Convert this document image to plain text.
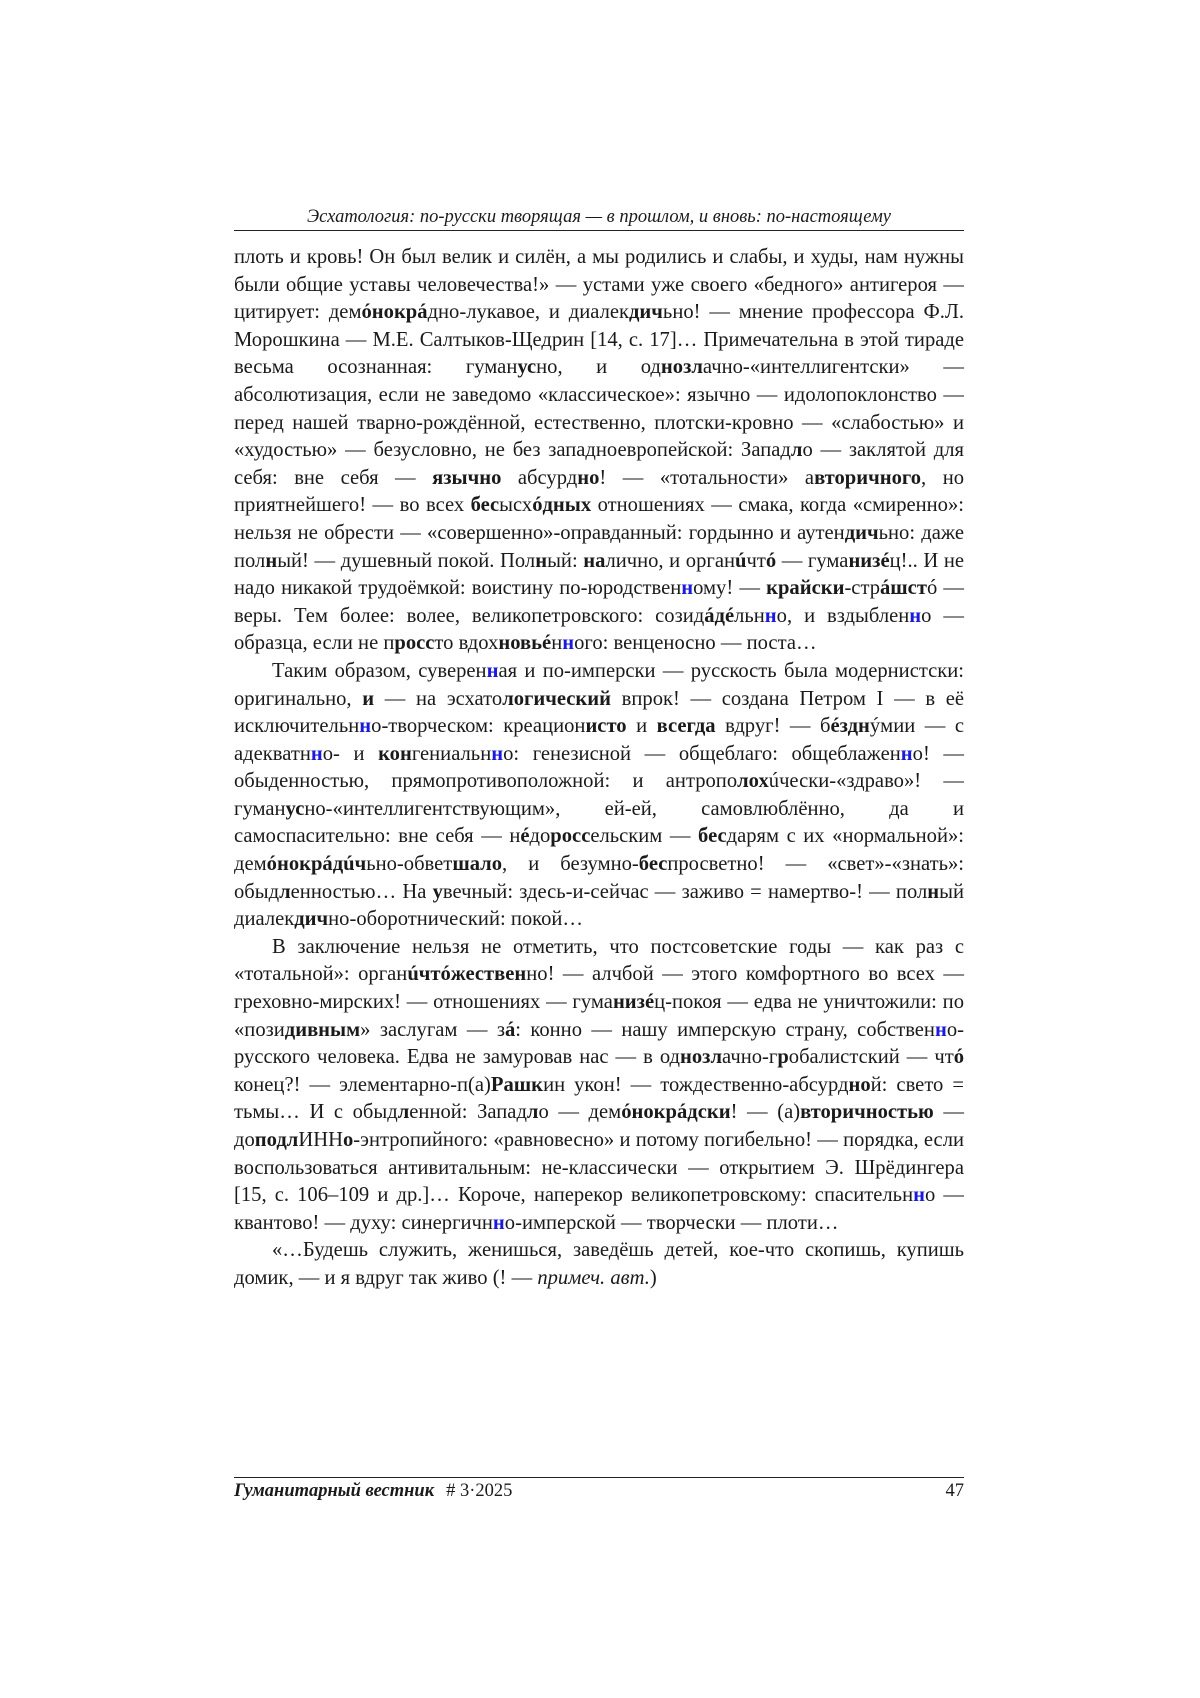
Эсхатология: по-русски творящая — в прошлом, и вновь: по-настоящему

плоть и кровь! Он был велик и силён, а мы родились и слабы, и худы, нам нужны были общие уставы человечества!» — устами уже своего «бедного» антигероя — цитирует: демóнокрáдно-лукавое, и диалекдичьно! — мнение профессора Ф.Л. Морошкина — М.Е. Салтыков-Щедрин [14, с. 17]… Примечательна в этой тираде весьма осознанная: гуманусно, и однозлачно-«интеллигентски» — абсолютизация, если не заведомо «классическое»: язычно — идолопоклонство — перед нашей тварно-рождённой, естественно, плотски-кровно — «слабостью» и «худостью» — безусловно, не без западноевропейской: Западло — заклятой для себя: вне себя — язычно абсурдно! — «тотальности» авторичного, но приятнейшего! — во всех бесысхóдных отношениях — смака, когда «смиренно»: нельзя не обрести — «совершенно»-оправданный: гордынно и аутендичьно: даже полный! — душевный покой. Полный: налично, и органúчтó — гуманизéц!.. И не надо никакой трудоёмкой: воистину по-юродственному! — крайски-стрáшстó — веры. Тем более: волее, великопетровского: созидáдéльнно, и вздыбленно — образца, если не проссто вдохновьéнного: венценосно — поста…

Таким образом, суверенная и по-имперски — русскость была модернистски: оригинально, и — на эсхатологический впрок! — создана Петром I — в её исключительнно-творческом: креационисто и всегда вдруг! — бéзднýмии — с адекватнно- и конгениальнно: генезисной — общеблаго: общеблаженно! — обыденностью, прямопротивоположной: и антрополохúчески-«здраво»! — гуманусно-«интеллигентствующим», ей-ей, самовлюблённо, да и самоспасительно: вне себя — нéдороссельским — бесдарям с их «нормальной»: демóнокрáдúчьно-обветшало, и безумно-беспросветно! — «свет»-«знать»: обыдленностью… На увечный: здесь-и-сейчас — заживо = намертво-! — полный диалекдично-оборотнический: покой…

В заключение нельзя не отметить, что постсоветские годы — как раз с «тотальной»: органúчтóжественно! — алчбой — этого комфортного во всех — греховно-мирских! — отношениях — гуманизéц-покоя — едва не уничтожили: по «позидивным» заслугам — зá: конно — нашу имперскую страну, собственно-русского человека. Едва не замуровав нас — в однозлачно-гробалистский — чтó конец?! — элементарно-п(а)Рашкин укон! — тождественно-абсурдной: свето = тьмы… И с обыдленной: Западло — демóнокрáдски! — (а)вторичностью — доподлИННо-энтропийного: «равновесно» и потому погибельно! — порядка, если воспользоваться антивитальным: не-классически — открытием Э. Шрёдингера [15, с. 106–109 и др.]… Короче, наперекор великопетровскому: спасительнно — квантово! — духу: синергичнно-имперской — творчески — плоти…

«…Будешь служить, женишься, заведёшь детей, кое-что скопишь, купишь домик, — и я вдруг так живо (! — примеч. авт.)

Гуманитарный вестник # 3·2025	47
